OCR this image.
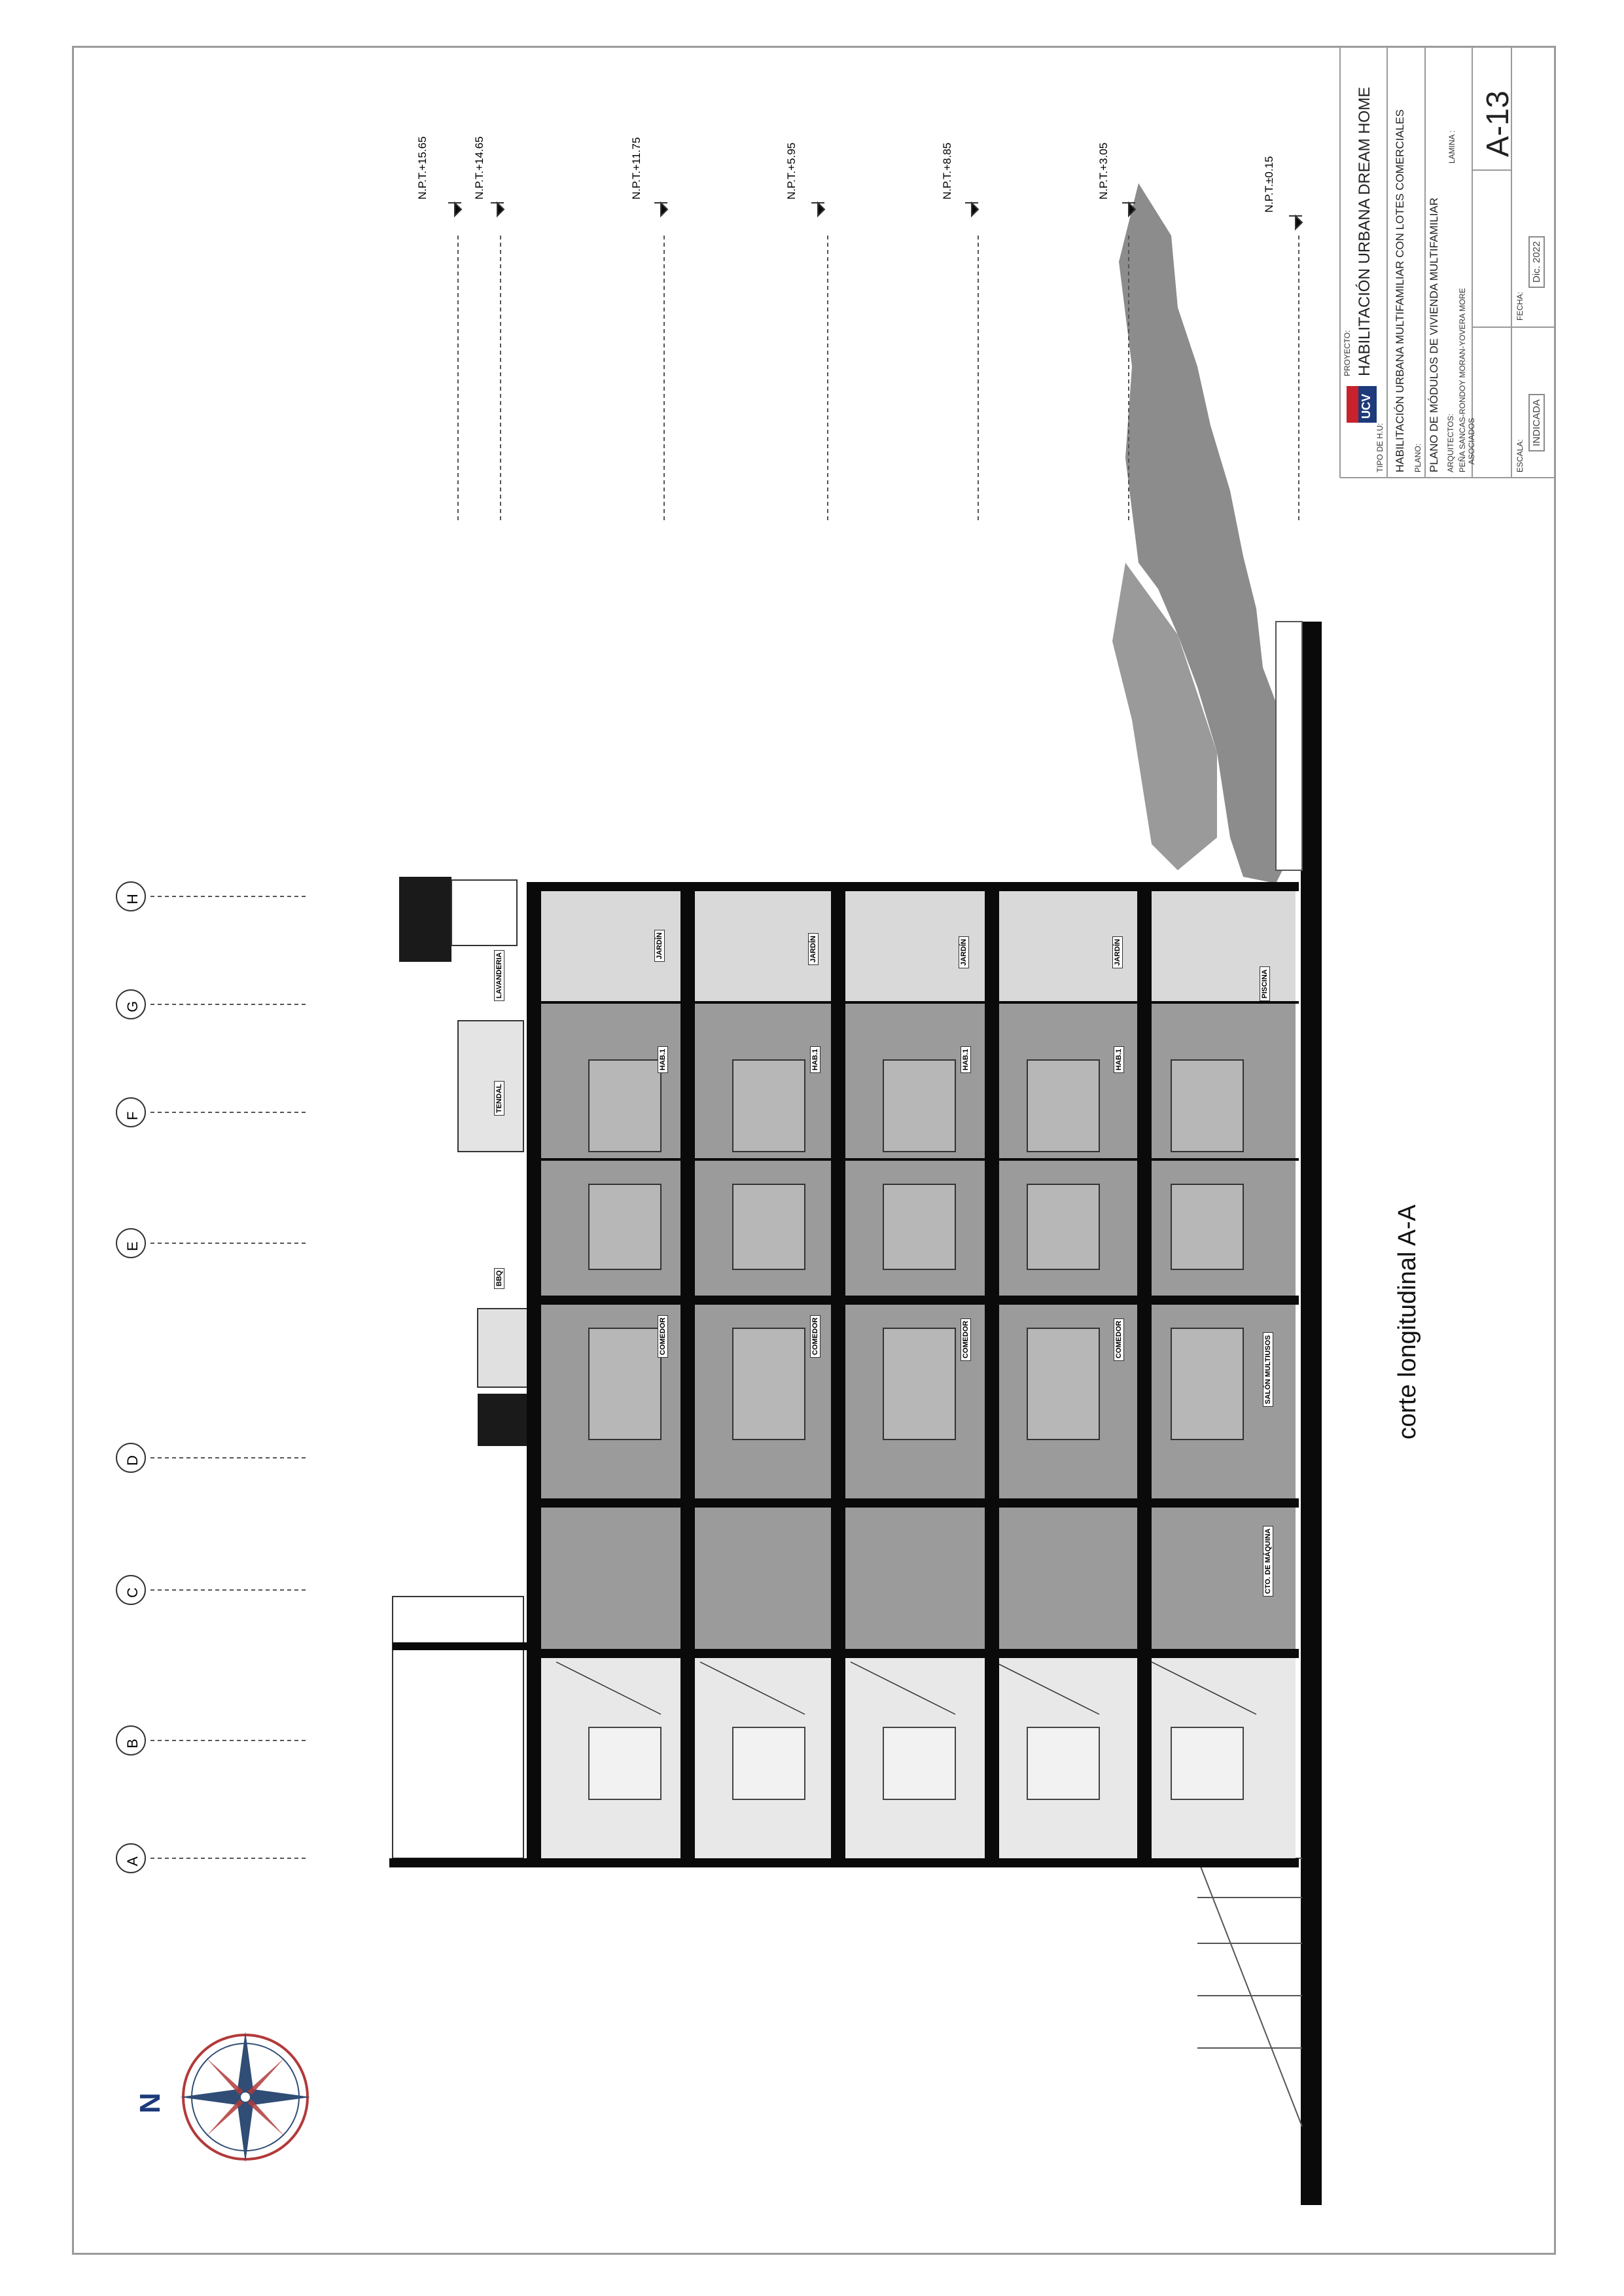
A
B
C
D
E
F
G
H
N.P.T.+15.65	N.P.T.+14.65	N.P.T.+11.75	N.P.T.+5.95	N.P.T.+8.85	N.P.T.+3.05	N.P.T.±0.15
LAVANDERIA
TENDAL
BBQ
JARDÍN
HAB.1
COMEDOR
JARDÍN
HAB.1
COMEDOR
JARDÍN
HAB.1
COMEDOR
JARDÍN
HAB.1
COMEDOR
PISCINA
SALÓN MULTIUSOS
CTO. DE MÁQUINA
corte longitudinal A-A
N
UCV
PROYECTO: HABILITACIÓN URBANA DREAM HOME
TIPO DE H.U: HABILITACIÓN URBANA MULTIFAMILIAR CON LOTES COMERCIALES PLANO: PLANO DE MÓDULOS DE VIVIENDA MULTIFAMILIAR ARQUITECTOS: PEÑA SANCAS-RONDOY MORAN-YOVERA MORE ASOCIADOS
LAMINA : A-13
ESCALA:
INDICADA
FECHA:
Dic. 2022
